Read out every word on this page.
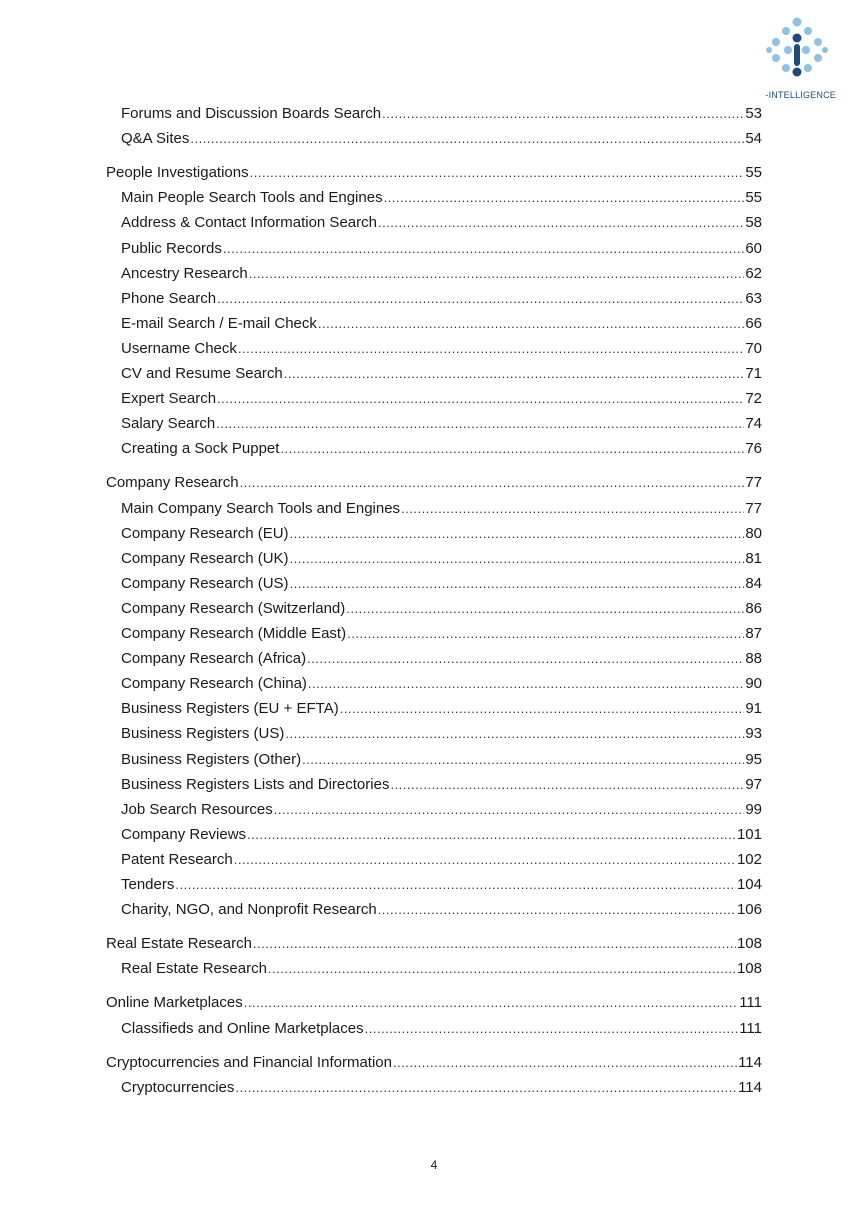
-INTELLIGENCE
Forums and Discussion Boards Search .....	53
Q&A Sites .....	54
People Investigations .....	55
Main People Search Tools and Engines .....	55
Address & Contact Information Search .....	58
Public Records .....	60
Ancestry Research .....	62
Phone Search .....	63
E-mail Search / E-mail Check .....	66
Username Check .....	70
CV and Resume Search .....	71
Expert Search .....	72
Salary Search .....	74
Creating a Sock Puppet .....	76
Company Research .....	77
Main Company Search Tools and Engines .....	77
Company Research (EU) .....	80
Company Research (UK) .....	81
Company Research (US) .....	84
Company Research (Switzerland) .....	86
Company Research (Middle East) .....	87
Company Research (Africa) .....	88
Company Research (China) .....	90
Business Registers (EU + EFTA) .....	91
Business Registers (US) .....	93
Business Registers (Other) .....	95
Business Registers Lists and Directories .....	97
Job Search Resources .....	99
Company Reviews .....	101
Patent Research .....	102
Tenders .....	104
Charity, NGO, and Nonprofit Research .....	106
Real Estate Research .....	108
Real Estate Research .....	108
Online Marketplaces .....	111
Classifieds and Online Marketplaces .....	111
Cryptocurrencies and Financial Information .....	114
Cryptocurrencies .....	114
4
